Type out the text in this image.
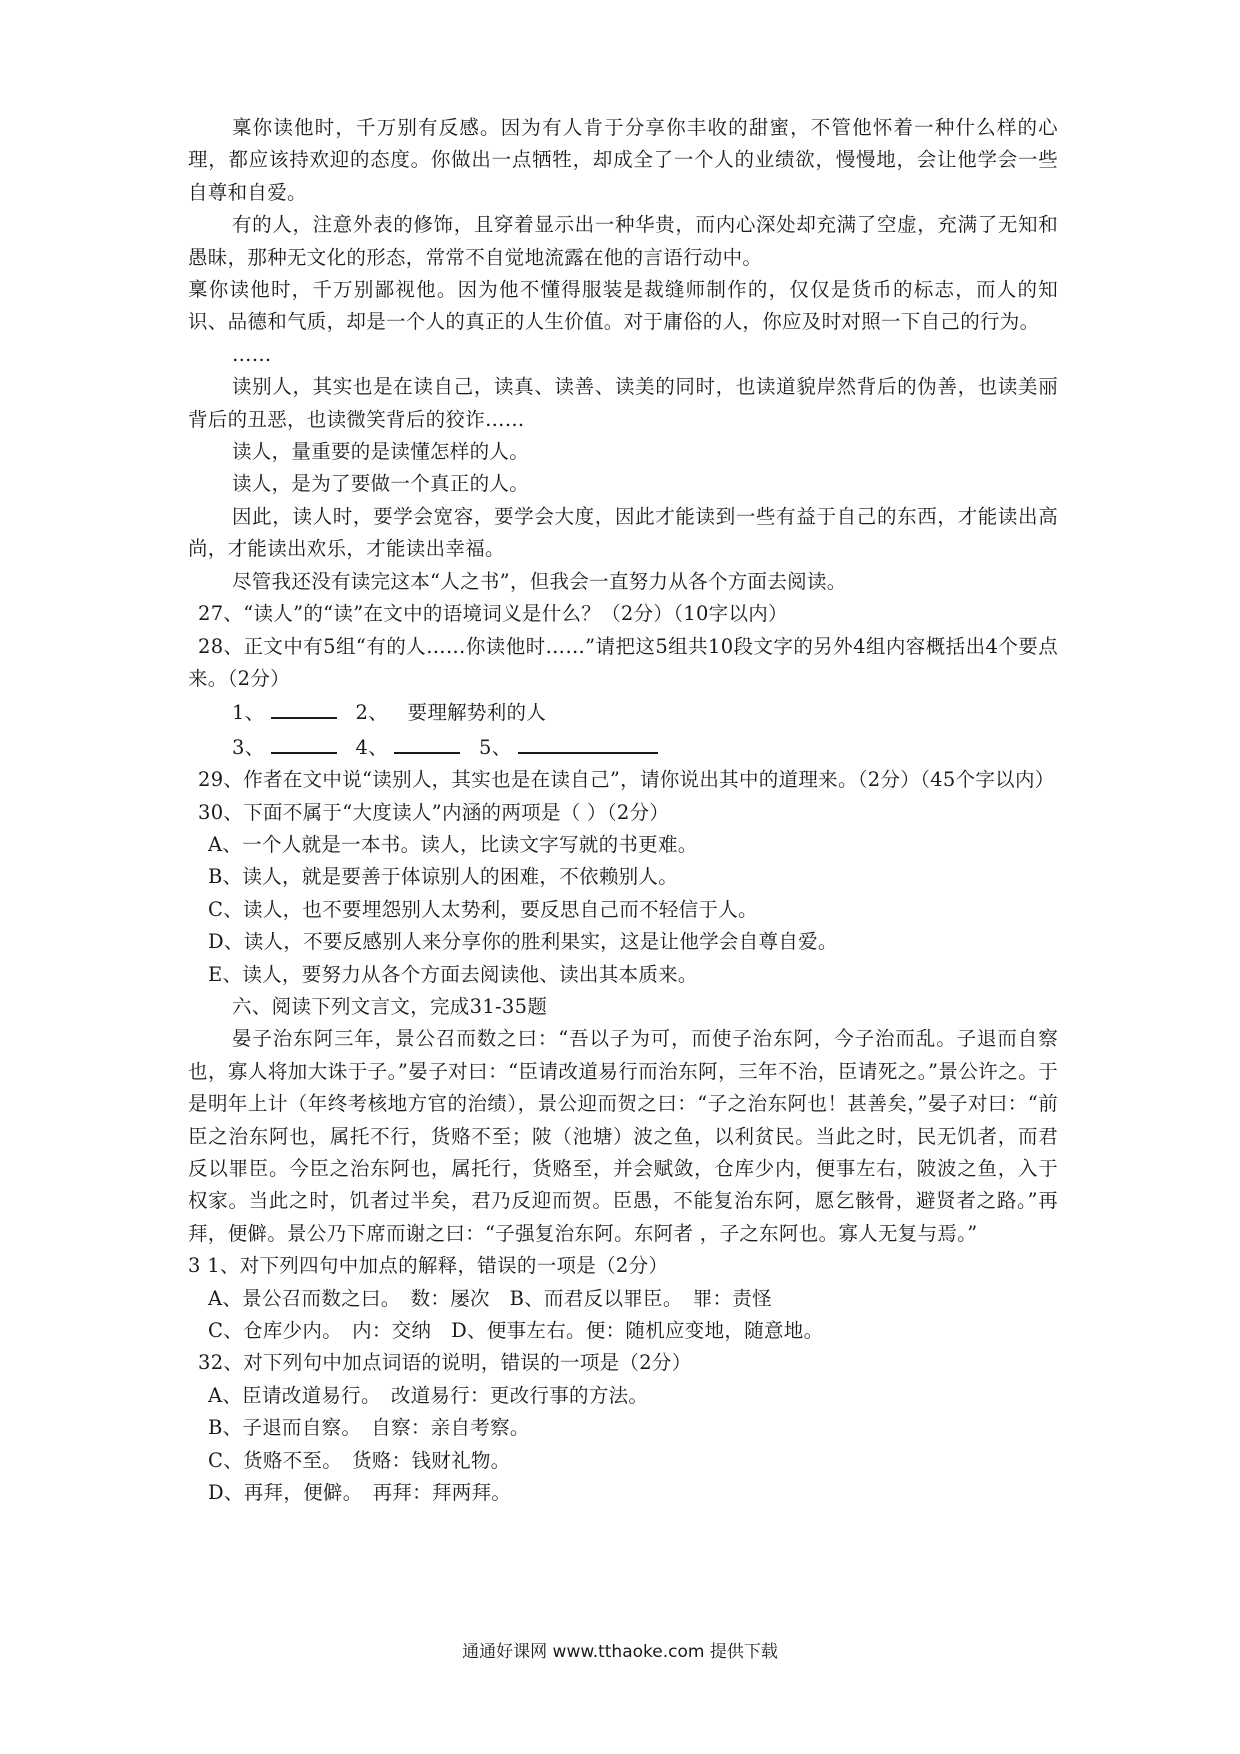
稟你读他时，千万别有反感。因为有人肯于分享你丰收的甜蜜，不管他怀着一种什么样的心理，都应该持欢迎的态度。你做出一点牺牲，却成全了一个人的业绩欲，慢慢地，会让他学会一些自尊和自爱。

有的人，注意外表的修饰，且穿着显示出一种华贵，而内心深处却充满了空虚，充满了无知和愚昧，那种无文化的形态，常常不自觉地流露在他的言语行动中。

稟你读他时，千万别鄙视他。因为他不懂得服装是裁缝师制作的，仅仅是货币的标志，而人的知识、品德和气质，却是一个人的真正的人生价值。对于庸俗的人，你应及时对照一下自己的行为。

……

读别人，其实也是在读自己，读真、读善、读美的同时，也读道貌岸然背后的伪善，也读美丽背后的丑恶，也读微笑背后的狡诈……

读人，量重要的是读懂怎样的人。

读人，是为了要做一个真正的人。

因此，读人时，要学会宽容，要学会大度，因此才能读到一些有益于自己的东西，才能读出高尚，才能读出欢乐，才能读出幸福。

尽管我还没有读完这本“人之书”，但我会一直努力从各个方面去阅读。

27、“读人”的“读”在文中的语境词义是什么？（2分）（10字以内）

28、正文中有5组“有的人……你读他时……”请把这5组共10段文字的另外4组内容概括出4个要点来。（2分）

1、	2、 要理解势利的人
3、	4、	5、

29、作者在文中说“读别人，其实也是在读自己”，请你说出其中的道理来。（2分）（45个字以内）

30、下面不属于“大度读人”内涵的两项是（ ）（2分）

A、一个人就是一本书。读人，比读文字写就的书更难。

B、读人，就是要善于体谅别人的困难，不依赖别人。

C、读人，也不要埋怨别人太势利，要反思自己而不轻信于人。

D、读人，不要反感别人来分享你的胜利果实，这是让他学会自尊自爱。

E、读人，要努力从各个方面去阅读他、读出其本质来。

六、阅读下列文言文，完成31-35题

晏子治东阿三年，景公召而数之曰：“吾以子为可，而使子治东阿，今子治而乱。子退而自察也，寡人将加大诛于子。”晏子对曰：“臣请改道易行而治东阿，三年不治，臣请死之。”景公许之。于是明年上计（年终考核地方官的治绩），景公迎而贺之曰：“子之治东阿也！甚善矣，”晏子对曰：“前臣之治东阿也，属托不行，货赂不至；陂（池塘）波之鱼，以利贫民。当此之时，民无饥者，而君反以罪臣。今臣之治东阿也，属托行，货赂至，并会赋敛，仓库少内，便事左右，陂波之鱼，入于权家。当此之时，饥者过半矣，君乃反迎而贺。臣愚，不能复治东阿，愿乞骸骨，避贤者之路。”再拜，便僻。景公乃下席而谢之曰：“子强复治东阿。东阿者 ，子之东阿也。寡人无复与焉。”

3 1、对下列四句中加点的解释，错误的一项是（2分）

A、景公召而数之曰。　数：屡次　B、而君反以罪臣。　罪：责怪

C、仓库少内。　内：交纳　D、便事左右。便：随机应变地，随意地。

32、对下列句中加点词语的说明，错误的一项是（2分）

A、臣请改道易行。　改道易行：更改行事的方法。

B、子退而自察。　自察：亲自考察。

C、货赂不至。　货赂：钱财礼物。

D、再拜，便僻。　再拜：拜两拜。

通通好课网 www.tthaoke.com 提供下载
